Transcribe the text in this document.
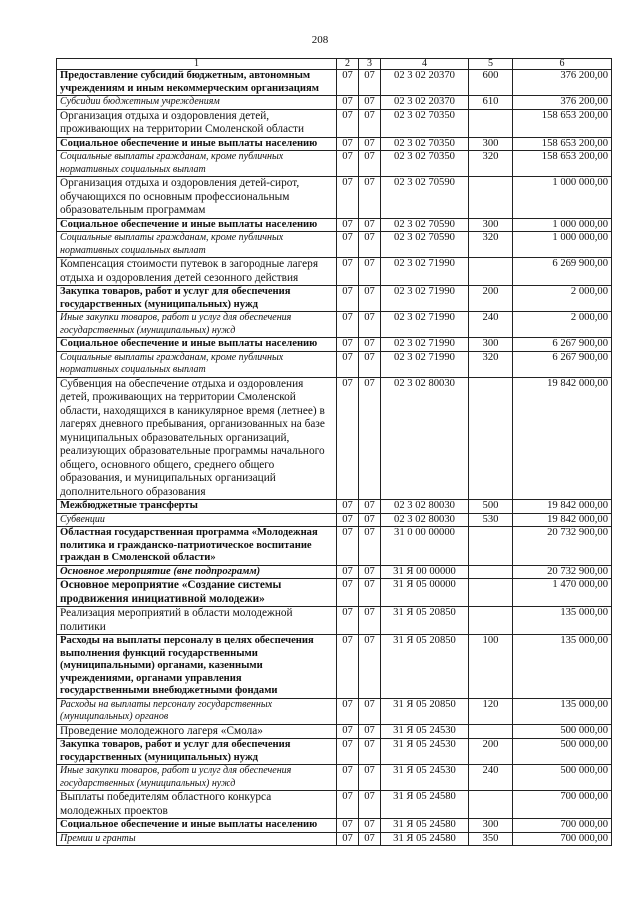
208
1	2	3	4	5	6
Предоставление субсидий бюджетным, автономным учреждениям и иным некоммерческим организациям	07	07	02 3 02 20370	600	376 200,00
Субсидии бюджетным учреждениям	07	07	02 3 02 20370	610	376 200,00
Организация отдыха и оздоровления детей, проживающих на территории Смоленской области	07	07	02 3 02 70350		158 653 200,00
Социальное обеспечение и иные выплаты населению	07	07	02 3 02 70350	300	158 653 200,00
Социальные выплаты гражданам, кроме публичных нормативных социальных выплат	07	07	02 3 02 70350	320	158 653 200,00
Организация отдыха и оздоровления детей-сирот, обучающихся по основным профессиональным образовательным программам	07	07	02 3 02 70590		1 000 000,00
Социальное обеспечение и иные выплаты населению	07	07	02 3 02 70590	300	1 000 000,00
Социальные выплаты гражданам, кроме публичных нормативных социальных выплат	07	07	02 3 02 70590	320	1 000 000,00
Компенсация стоимости путевок в загородные лагеря отдыха и оздоровления детей сезонного действия	07	07	02 3 02 71990		6 269 900,00
Закупка товаров, работ и услуг для обеспечения государственных (муниципальных) нужд	07	07	02 3 02 71990	200	2 000,00
Иные закупки товаров, работ и услуг для обеспечения государственных (муниципальных) нужд	07	07	02 3 02 71990	240	2 000,00
Социальное обеспечение и иные выплаты населению	07	07	02 3 02 71990	300	6 267 900,00
Социальные выплаты гражданам, кроме публичных нормативных социальных выплат	07	07	02 3 02 71990	320	6 267 900,00
Субвенция на обеспечение отдыха и оздоровления детей, проживающих на территории Смоленской области, находящихся в каникулярное время (летнее) в лагерях дневного пребывания, организованных на базе муниципальных образовательных организаций, реализующих образовательные программы начального общего, основного общего, среднего общего образования, и муниципальных организаций дополнительного образования	07	07	02 3 02 80030		19 842 000,00
Межбюджетные трансферты	07	07	02 3 02 80030	500	19 842 000,00
Субвенции	07	07	02 3 02 80030	530	19 842 000,00
Областная государственная программа «Молодежная политика и гражданско-патриотическое воспитание граждан в Смоленской области»	07	07	31 0 00 00000		20 732 900,00
Основное мероприятие (вне подпрограмм)	07	07	31 Я 00 00000		20 732 900,00
Основное мероприятие «Создание системы продвижения инициативной молодежи»	07	07	31 Я 05 00000		1 470 000,00
Реализация мероприятий в области молодежной политики	07	07	31 Я 05 20850		135 000,00
Расходы на выплаты персоналу в целях обеспечения выполнения функций государственными (муниципальными) органами, казенными учреждениями, органами управления государственными внебюджетными фондами	07	07	31 Я 05 20850	100	135 000,00
Расходы на выплаты персоналу государственных (муниципальных) органов	07	07	31 Я 05 20850	120	135 000,00
Проведение молодежного лагеря «Смола»	07	07	31 Я 05 24530		500 000,00
Закупка товаров, работ и услуг для обеспечения государственных (муниципальных) нужд	07	07	31 Я 05 24530	200	500 000,00
Иные закупки товаров, работ и услуг для обеспечения государственных (муниципальных) нужд	07	07	31 Я 05 24530	240	500 000,00
Выплаты победителям областного конкурса молодежных проектов	07	07	31 Я 05 24580		700 000,00
Социальное обеспечение и иные выплаты населению	07	07	31 Я 05 24580	300	700 000,00
Премии и гранты	07	07	31 Я 05 24580	350	700 000,00
